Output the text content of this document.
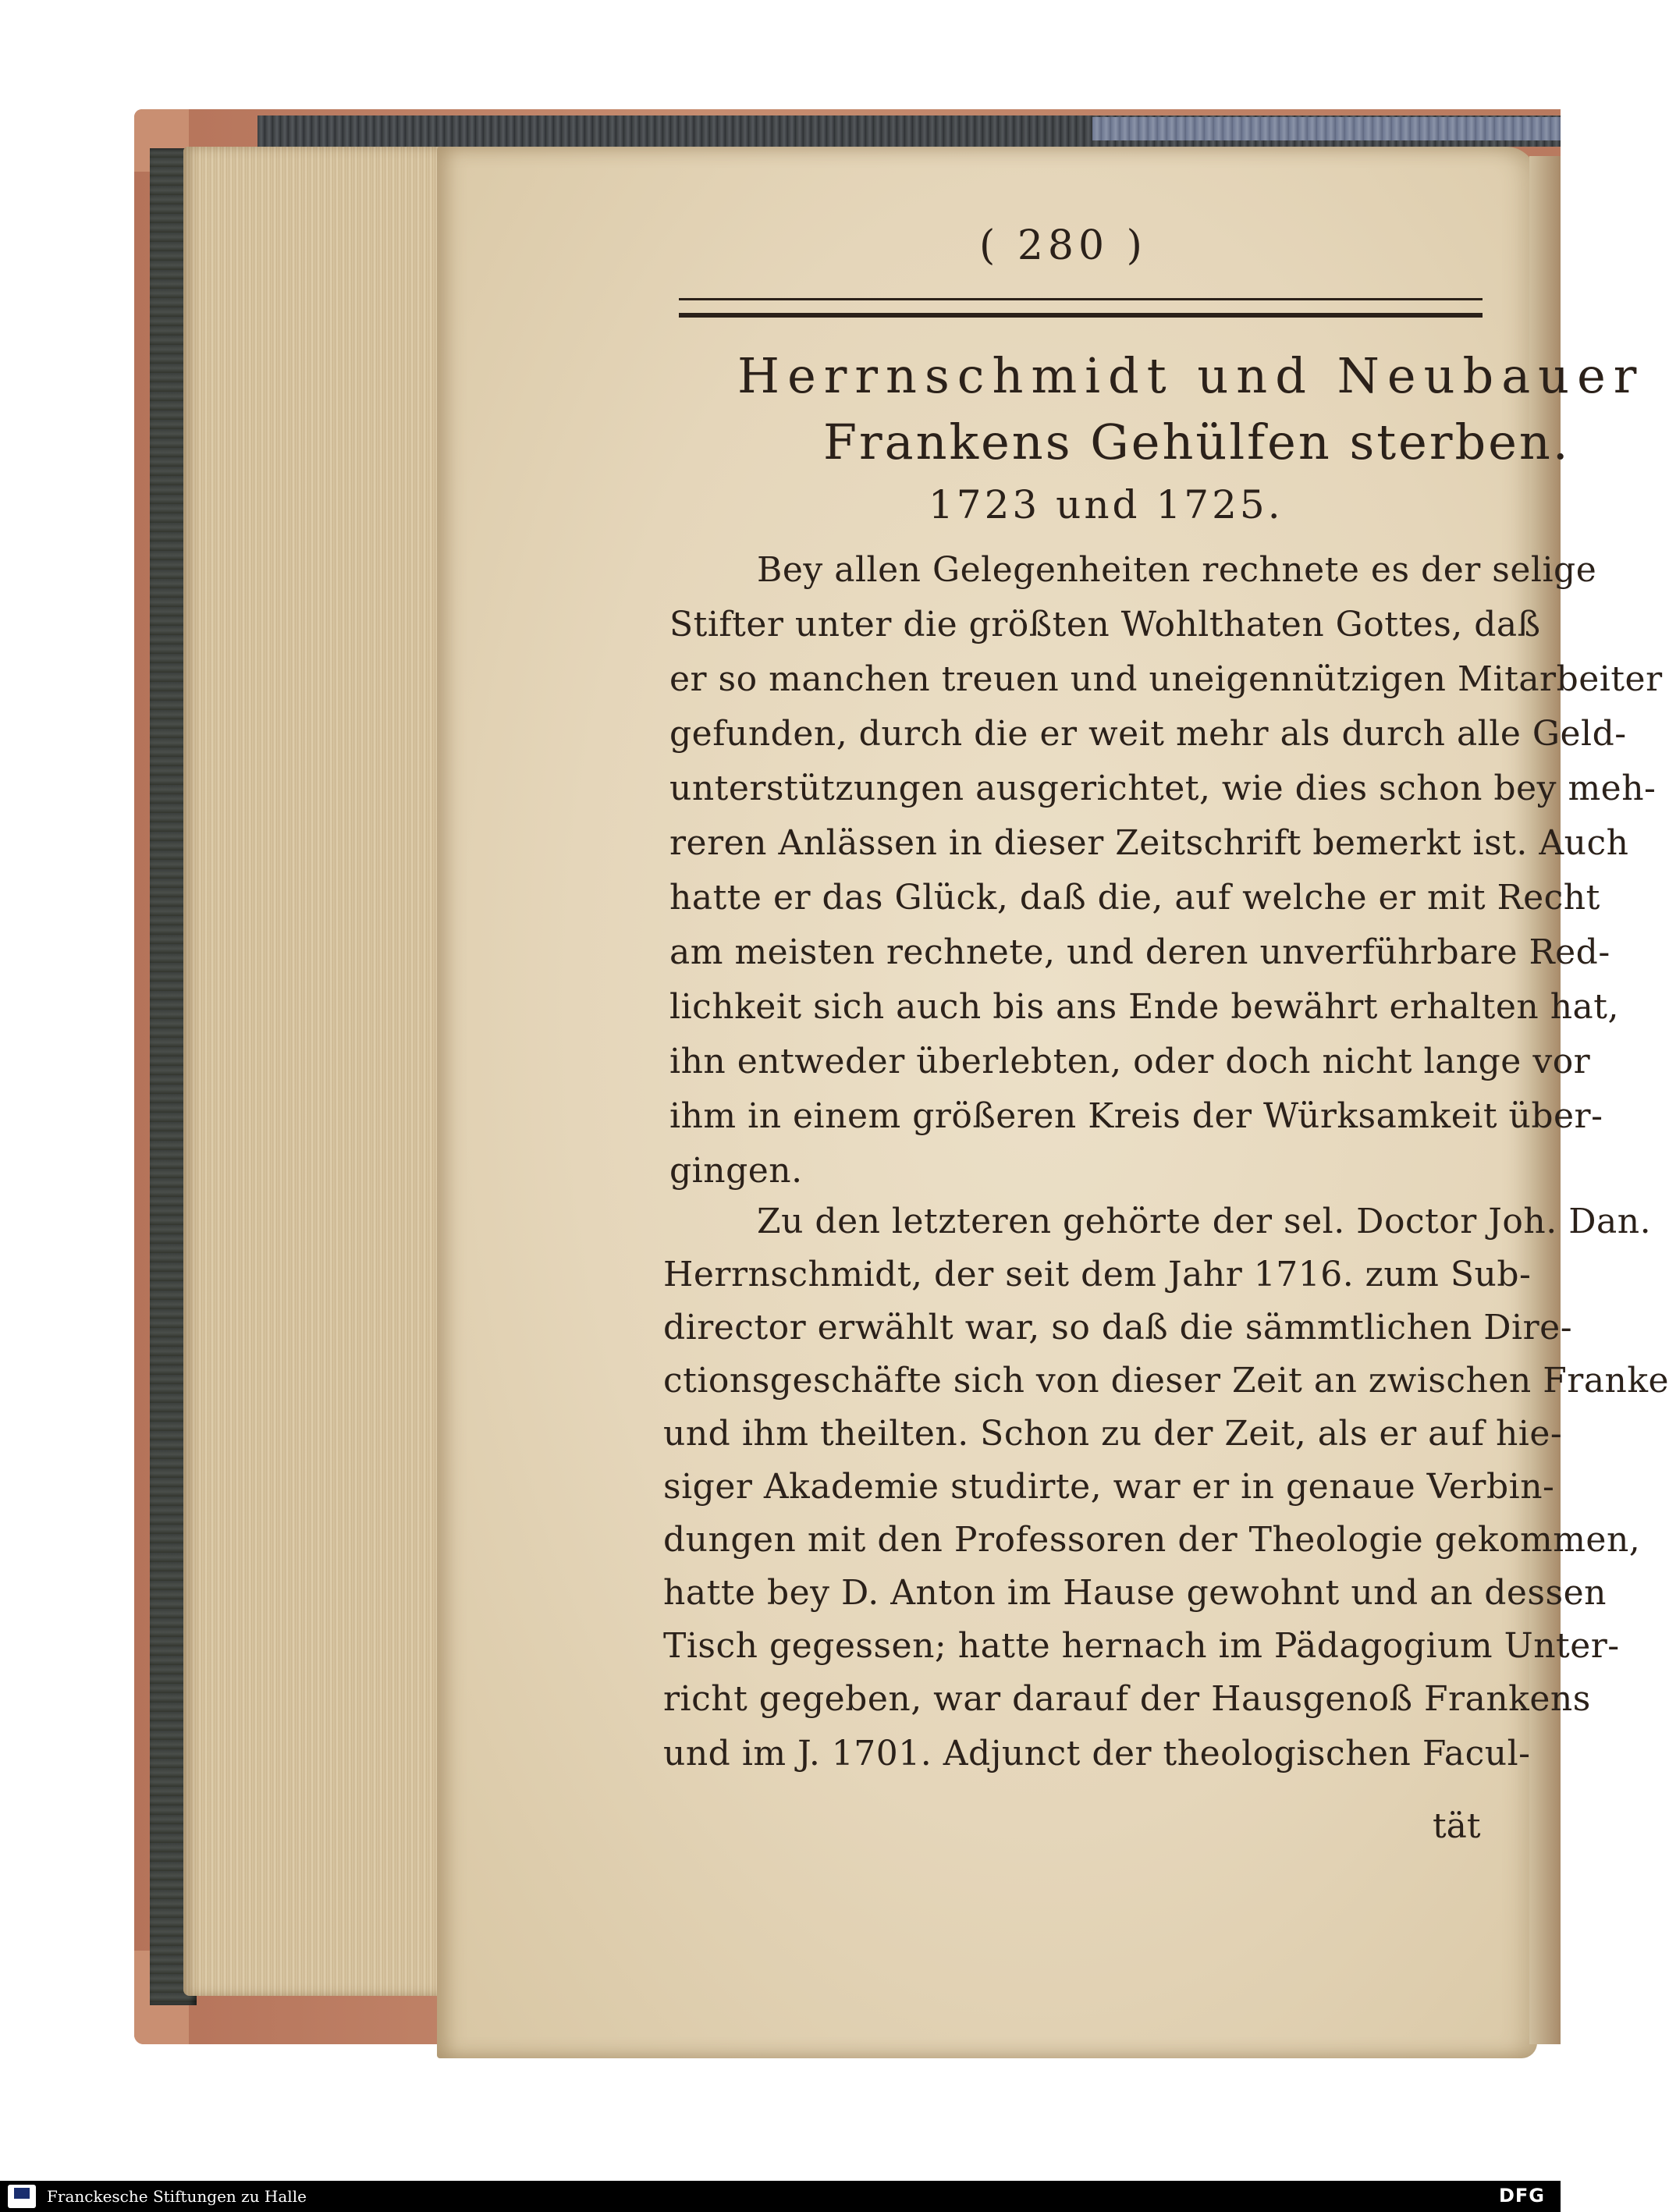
( 280 )
Herrnschmidt und Neubauer
Frankens Gehülfen sterben.
1723 und 1725.
Bey allen Gelegenheiten rechnete es der selige
Stifter unter die größten Wohlthaten Gottes, daß
er so manchen treuen und uneigennützigen Mitarbeiter
gefunden, durch die er weit mehr als durch alle Geld-
unterstützungen ausgerichtet, wie dies schon bey meh-
reren Anlässen in dieser Zeitschrift bemerkt ist. Auch
hatte er das Glück, daß die, auf welche er mit Recht
am meisten rechnete, und deren unverführbare Red-
lichkeit sich auch bis ans Ende bewährt erhalten hat,
ihn entweder überlebten, oder doch nicht lange vor
ihm in einem größeren Kreis der Würksamkeit über-
gingen.
Zu den letzteren gehörte der sel. Doctor Joh. Dan.
Herrnschmidt, der seit dem Jahr 1716. zum Sub-
director erwählt war, so daß die sämmtlichen Dire-
ctionsgeschäfte sich von dieser Zeit an zwischen Franke
und ihm theilten. Schon zu der Zeit, als er auf hie-
siger Akademie studirte, war er in genaue Verbin-
dungen mit den Professoren der Theologie gekommen,
hatte bey D. Anton im Hause gewohnt und an dessen
Tisch gegessen; hatte hernach im Pädagogium Unter-
richt gegeben, war darauf der Hausgenoß Frankens
und im J. 1701. Adjunct der theologischen Facul-
tät
Franckesche Stiftungen zu Halle	DFG
